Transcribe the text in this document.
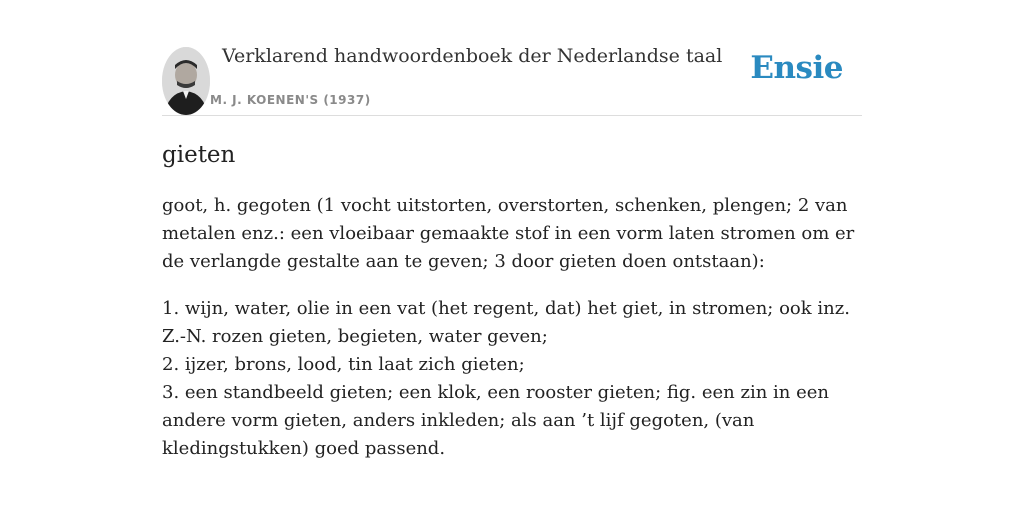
Verklarend handwoordenboek der Nederlandse taal
M. J. KOENEN'S (1937)
Ensie
gieten

goot, h. gegoten (1 vocht uitstorten, overstorten, schenken, plengen; 2 van metalen enz.: een vloeibaar gemaakte stof in een vorm laten stromen om er de verlangde gestalte aan te geven; 3 door gieten doen ontstaan):

1. wijn, water, olie in een vat (het regent, dat) het giet, in stromen; ook inz. Z.-N. rozen gieten, begieten, water geven;
2. ijzer, brons, lood, tin laat zich gieten;
3. een standbeeld gieten; een klok, een rooster gieten; fig. een zin in een andere vorm gieten, anders inkleden; als aan ’t lijf gegoten, (van kledingstukken) goed passend.
